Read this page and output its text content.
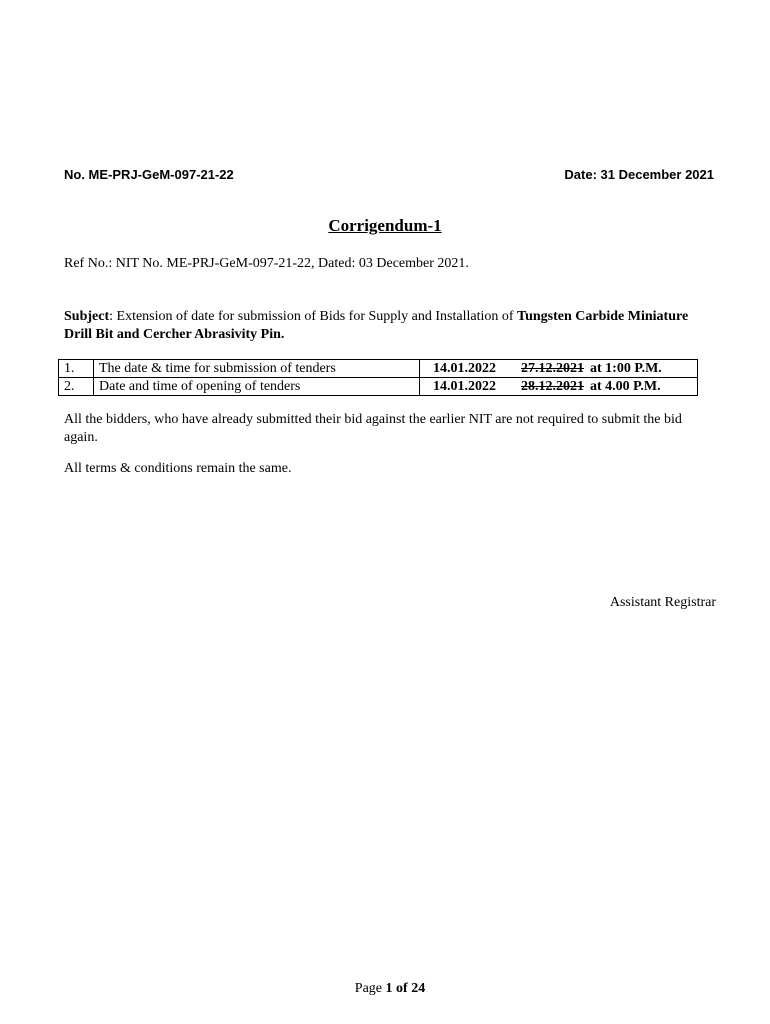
No. ME-PRJ-GeM-097-21-22	Date: 31 December 2021
Corrigendum-1
Ref No.: NIT No. ME-PRJ-GeM-097-21-22, Dated: 03 December 2021.
Subject: Extension of date for submission of Bids for Supply and Installation of Tungsten Carbide Miniature Drill Bit and Cercher Abrasivity Pin.
1.	The date & time for submission of tenders	14.01.2022 27.12.2021 at 1:00 P.M.
2.	Date and time of opening of tenders	14.01.2022 28.12.2021 at 4.00 P.M.
All the bidders, who have already submitted their bid against the earlier NIT are not required to submit the bid again.
All terms & conditions remain the same.
Assistant Registrar
Page 1 of 24
